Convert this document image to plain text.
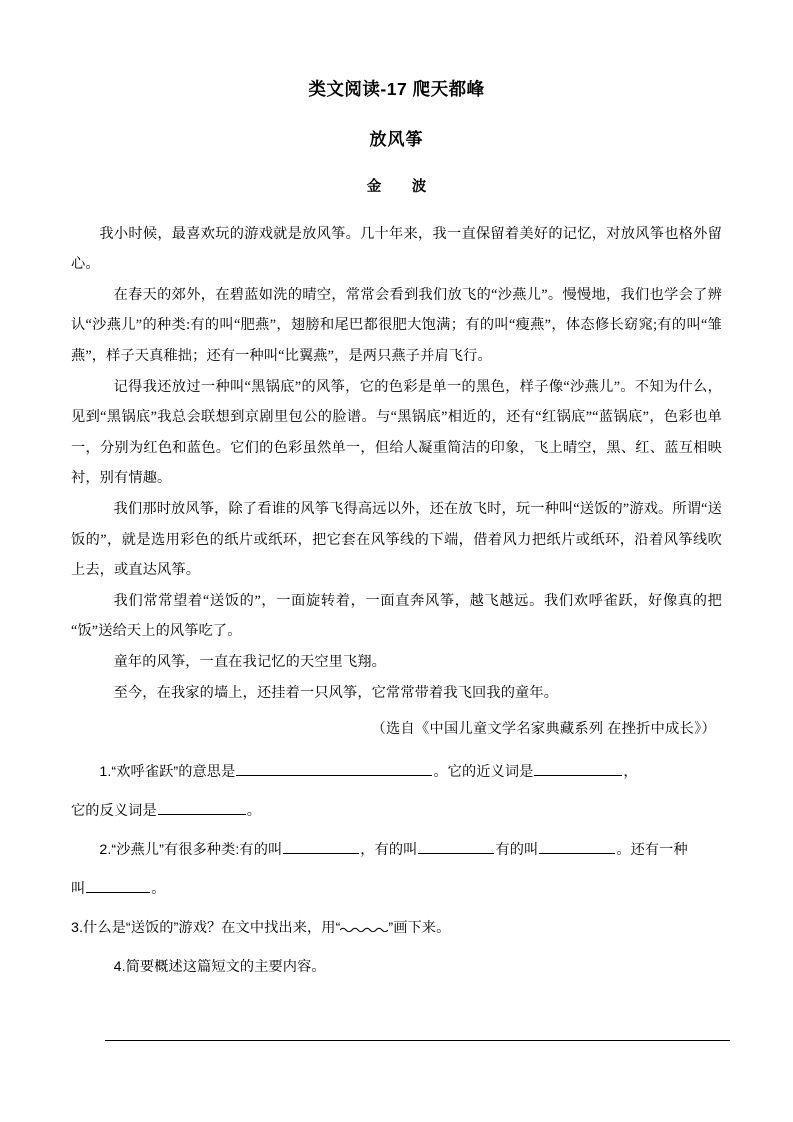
类文阅读-17 爬天都峰
放风筝
金　波

我小时候，最喜欢玩的游戏就是放风筝。几十年来，我一直保留着美好的记忆，对放风筝也格外留心。

在春天的郊外，在碧蓝如洗的晴空，常常会看到我们放飞的“沙燕儿”。慢慢地，我们也学会了辨认“沙燕儿”的种类:有的叫“肥燕”，翅膀和尾巴都很肥大饱满；有的叫“瘦燕”，体态修长窈窕;有的叫“雏燕”，样子天真稚拙；还有一种叫“比翼燕”，是两只燕子并肩飞行。

记得我还放过一种叫“黑锅底”的风筝，它的色彩是单一的黑色，样子像“沙燕儿”。不知为什么，见到“黑锅底”我总会联想到京剧里包公的脸谱。与“黑锅底”相近的，还有“红锅底”“蓝锅底”，色彩也单一，分别为红色和蓝色。它们的色彩虽然单一，但给人凝重简洁的印象，飞上晴空，黑、红、蓝互相映衬，别有情趣。

我们那时放风筝，除了看谁的风筝飞得高远以外，还在放飞时，玩一种叫“送饭的”游戏。所谓“送饭的”，就是选用彩色的纸片或纸环，把它套在风筝线的下端，借着风力把纸片或纸环，沿着风筝线吹上去，或直达风筝。

我们常常望着“送饭的”，一面旋转着，一面直奔风筝，越飞越远。我们欢呼雀跃，好像真的把“饭”送给天上的风筝吃了。

童年的风筝，一直在我记忆的天空里飞翔。

至今，在我家的墙上，还挂着一只风筝，它常常带着我飞回我的童年。

（选自《中国儿童文学名家典藏系列 在挫折中成长》）

1.“欢呼雀跃”的意思是	。它的近义词是	，

它的反义词是	。

2.“沙燕儿”有很多种类:有的叫	，有的叫	有的叫	。还有一种

叫	。

3.什么是“送饭的”游戏？在文中找出来，用“	”画下来。

4.简要概述这篇短文的主要内容。
